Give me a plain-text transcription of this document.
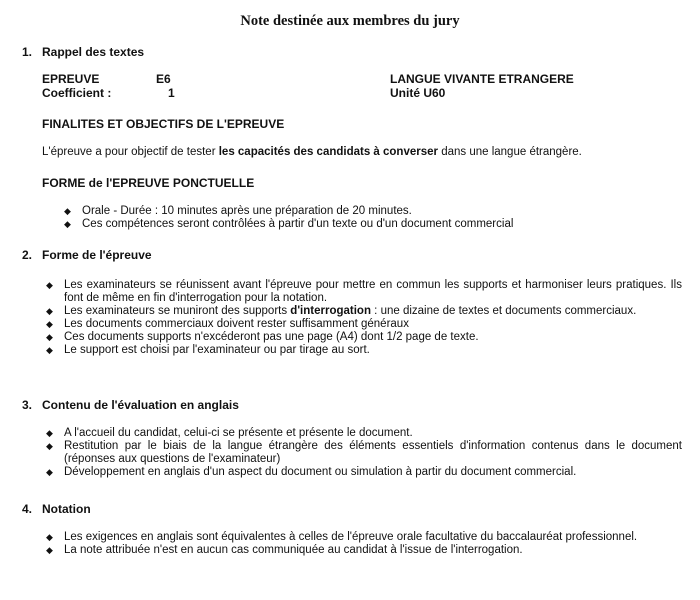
Note destinée aux membres du jury
1. Rappel des textes
EPREUVE	E6	LANGUE VIVANTE ETRANGERE
Coefficient :	1	Unité U60
FINALITES ET OBJECTIFS DE L'EPREUVE
L'épreuve a pour objectif de tester les capacités des candidats à converser dans une langue étrangère.
FORME de l'EPREUVE PONCTUELLE
◆ Orale - Durée : 10 minutes après une préparation de 20 minutes.
◆ Ces compétences seront contrôlées à partir d'un texte ou d'un document commercial
2. Forme de l'épreuve
◆ Les examinateurs se réunissent avant l'épreuve pour mettre en commun les supports et harmoniser leurs pratiques. Ils font de même en fin d'interrogation pour la notation.
◆ Les examinateurs se muniront des supports d'interrogation : une dizaine de textes et documents commerciaux.
◆ Les documents commerciaux doivent rester suffisamment généraux
◆ Ces documents supports n'excéderont pas une page (A4) dont 1/2 page de texte.
◆ Le support est choisi par l'examinateur ou par tirage au sort.
3. Contenu de l'évaluation en anglais
◆ A l'accueil du candidat, celui-ci se présente et présente le document.
◆ Restitution par le biais de la langue étrangère des éléments essentiels d'information contenus dans le document (réponses aux questions de l'examinateur)
◆ Développement en anglais d'un aspect du document ou simulation à partir du document commercial.
4. Notation
◆ Les exigences en anglais sont équivalentes à celles de l'épreuve orale facultative du baccalauréat professionnel.
◆ La note attribuée n'est en aucun cas communiquée au candidat à l'issue de l'interrogation.
